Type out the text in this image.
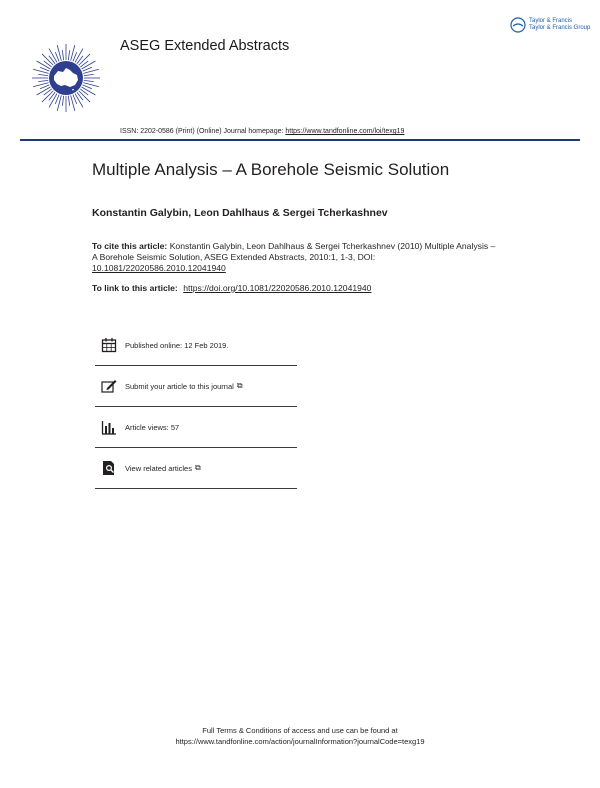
ASEG Extended Abstracts
Taylor & Francis
Taylor & Francis Group
ISSN: 2202-0586 (Print) (Online) Journal homepage: https://www.tandfonline.com/loi/texg19
Multiple Analysis – A Borehole Seismic Solution
Konstantin Galybin, Leon Dahlhaus & Sergei Tcherkashnev
To cite this article: Konstantin Galybin, Leon Dahlhaus & Sergei Tcherkashnev (2010) Multiple Analysis – A Borehole Seismic Solution, ASEG Extended Abstracts, 2010:1, 1-3, DOI: 10.1081/22020586.2010.12041940
To link to this article: https://doi.org/10.1081/22020586.2010.12041940
Published online: 12 Feb 2019.
Submit your article to this journal ⧉
Article views: 57
View related articles ⧉
Full Terms & Conditions of access and use can be found at
https://www.tandfonline.com/action/journalInformation?journalCode=texg19
